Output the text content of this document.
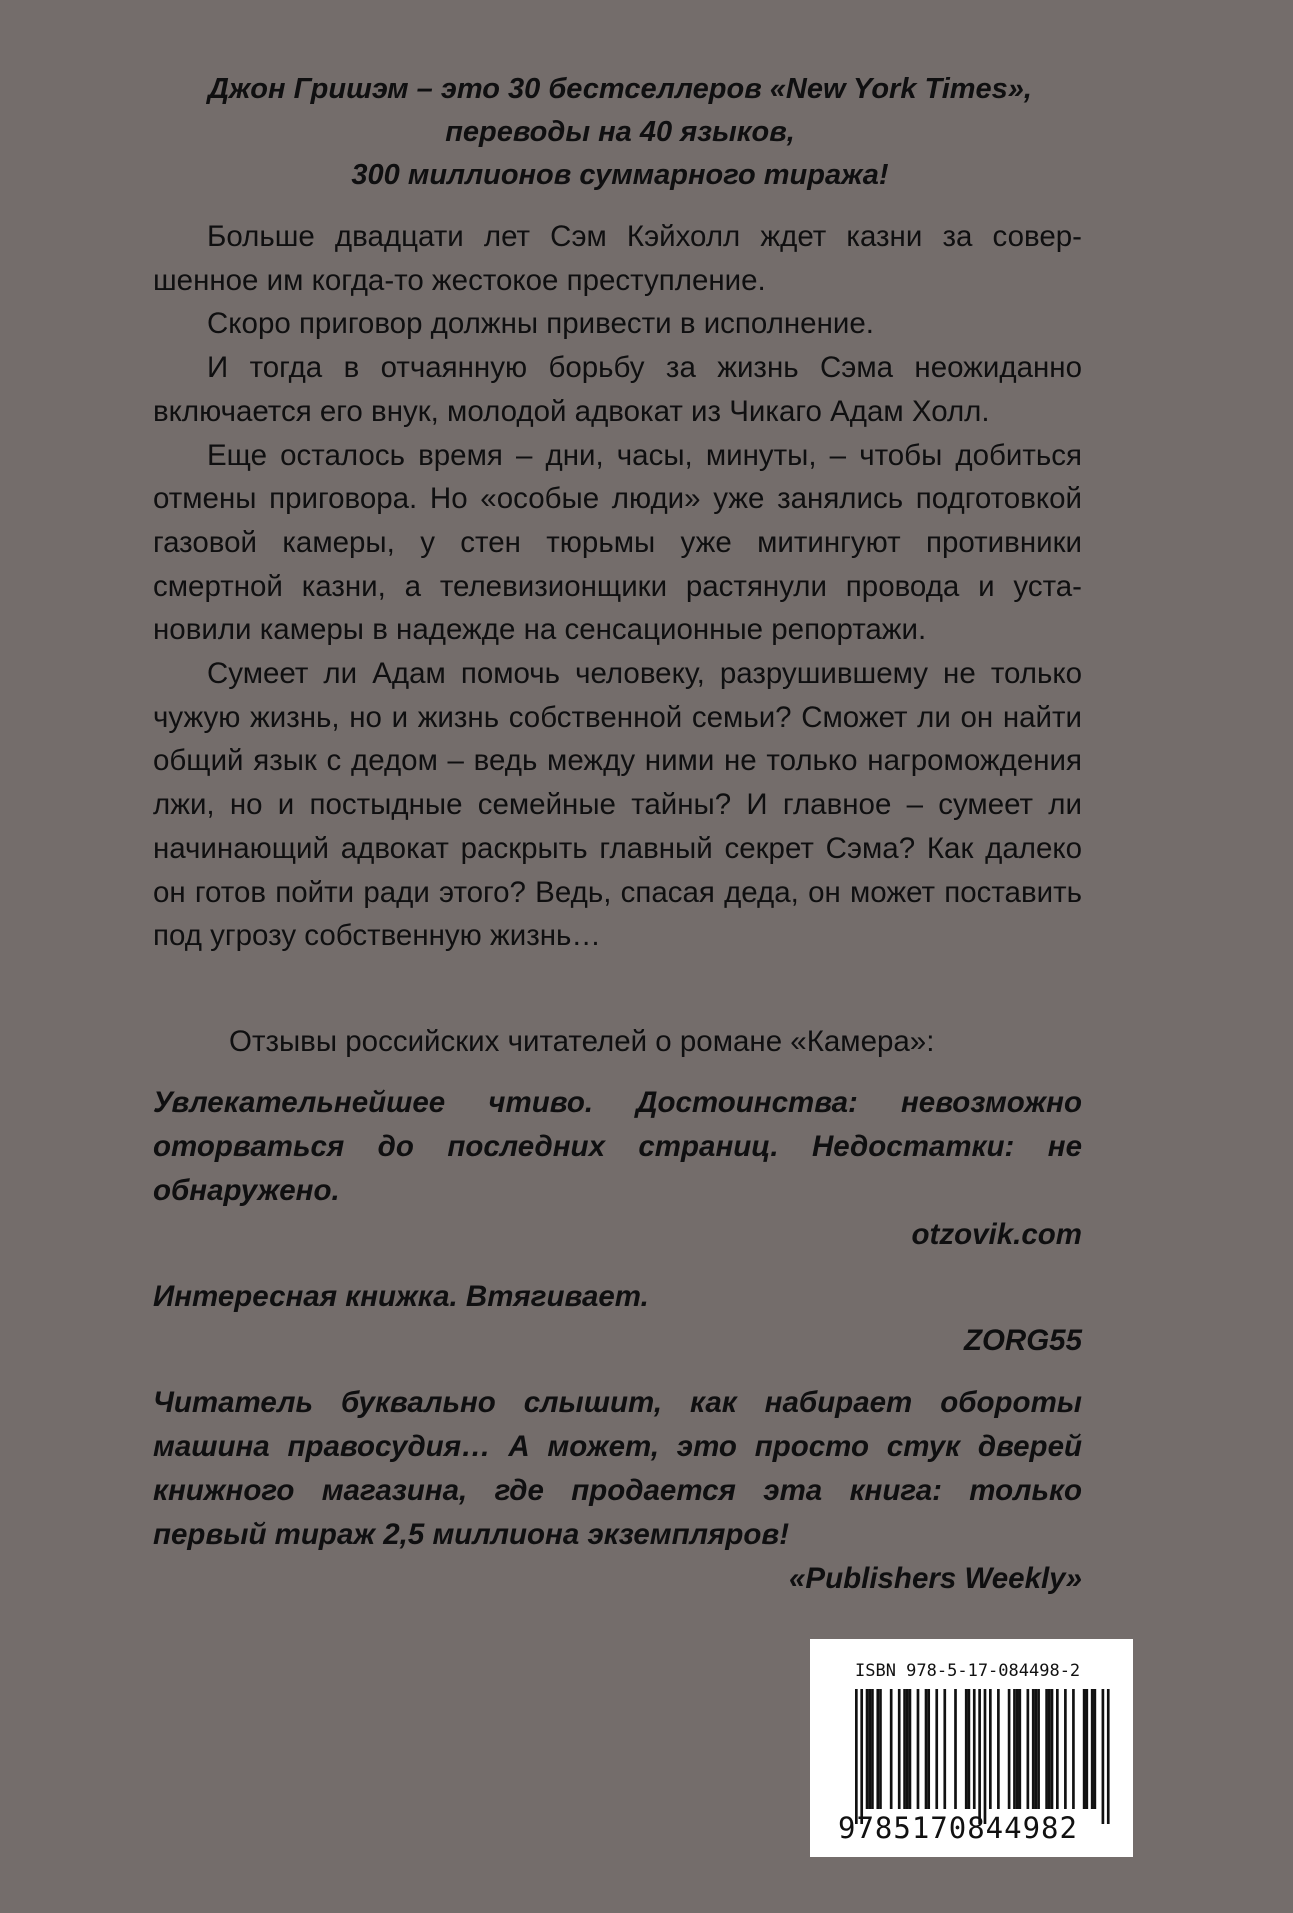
Джон Гришэм – это 30 бестселлеров «New York Times»,
переводы на 40 языков,
300 миллионов суммарного тиража!

Больше двадцати лет Сэм Кэйхолл ждет казни за совершенное им когда-то жестокое преступление.

Скоро приговор должны привести в исполнение.

И тогда в отчаянную борьбу за жизнь Сэма неожиданно включается его внук, молодой адвокат из Чикаго Адам Холл.

Еще осталось время – дни, часы, минуты, – чтобы добиться отмены приговора. Но «особые люди» уже занялись подготовкой газовой камеры, у стен тюрьмы уже митингуют противники смертной казни, а телевизионщики растянули провода и установили камеры в надежде на сенсационные репортажи.

Сумеет ли Адам помочь человеку, разрушившему не только чужую жизнь, но и жизнь собственной семьи? Сможет ли он найти общий язык с дедом – ведь между ними не только нагромождения лжи, но и постыдные семейные тайны? И главное – сумеет ли начинающий адвокат раскрыть главный секрет Сэма? Как далеко он готов пойти ради этого? Ведь, спасая деда, он может поставить под угрозу собственную жизнь…

Отзывы российских читателей о романе «Камера»:

Увлекательнейшее чтиво. Достоинства: невозможно оторваться до последних страниц. Недостатки: не обнаружено.

otzovik.com

Интересная книжка. Втягивает.

ZORG55

Читатель буквально слышит, как набирает обороты машина правосудия… А может, это просто стук дверей книжного магазина, где продается эта книга: только первый тираж 2,5 миллиона экземпляров!

«Publishers Weekly»

ISBN 978-5-17-084498-2
9785170844982
